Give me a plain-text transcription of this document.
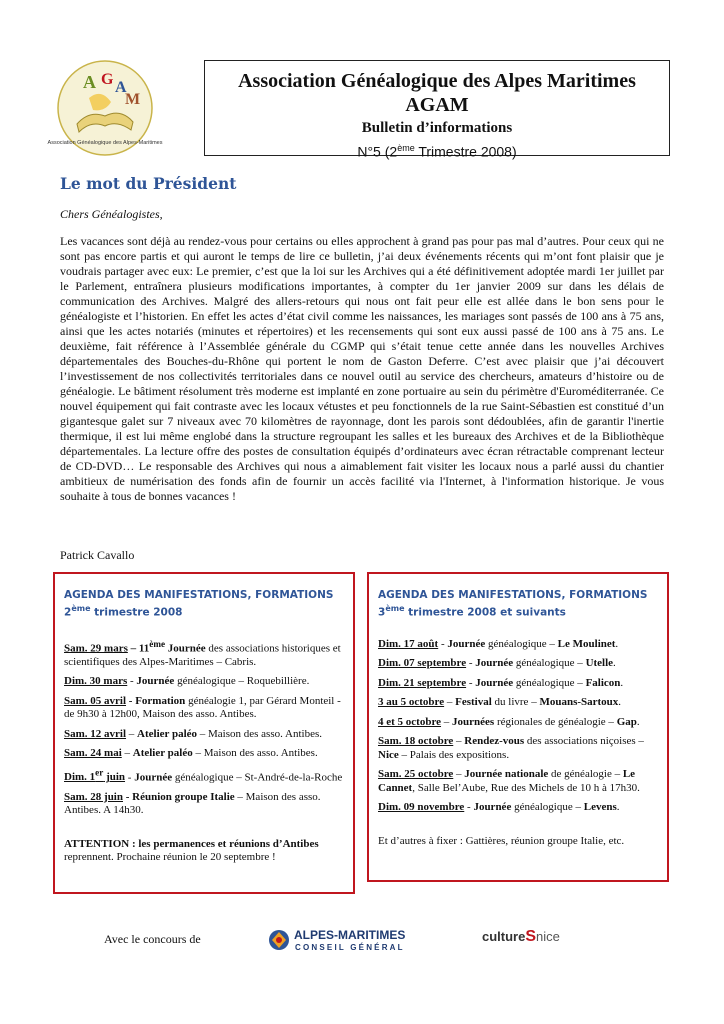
A G A
M
Association Généalogique des Alpes-Maritimes
Association Généalogique des Alpes Maritimes
AGAM
Bulletin d’informations
N°5 (2ème Trimestre 2008)
Le mot du Président
Chers Généalogistes,

Les vacances sont déjà au rendez-vous pour certains ou elles approchent à grand pas pour pas mal d’autres. Pour ceux qui ne sont pas encore partis et qui auront le temps de lire ce bulletin, j’ai deux événements récents qui m’ont font plaisir que je voudrais partager avec eux: Le premier, c’est que la loi sur les Archives qui a été définitivement adoptée mardi 1er juillet par le Parlement, entraînera plusieurs modifications importantes, à compter du 1er janvier 2009 sur dans les délais de communication des Archives. Malgré des allers-retours qui nous ont fait peur elle est allée dans le bon sens pour le généalogiste et l’historien. En effet les actes d’état civil comme les naissances, les mariages sont passés de 100 ans à 75 ans, ainsi que les actes notariés (minutes et répertoires) et les recensements qui sont eux aussi passé de 100 ans à 75 ans. Le deuxième, fait référence à l’Assemblée générale du CGMP qui s’était tenue cette année dans les nouvelles Archives départementales des Bouches-du-Rhône qui portent le nom de Gaston Deferre. C’est avec plaisir que j’ai découvert l’investissement de nos collectivités territoriales dans ce nouvel outil au service des chercheurs, amateurs d’histoire ou de généalogie. Le bâtiment résolument très moderne est implanté en zone portuaire au sein du périmètre d'Euroméditerranée. Ce nouvel équipement qui fait contraste avec les locaux vétustes et peu fonctionnels de la rue Saint-Sébastien est constitué d’un gigantesque galet sur 7 niveaux avec 70 kilomètres de rayonnage, dont les parois sont dédoublées, afin de garantir l'inertie thermique, il est lui même englobé dans la structure regroupant les salles et les bureaux des Archives et de la Bibliothèque départementales. La lecture offre des postes de consultation équipés d’ordinateurs avec écran rétractable comprenant lecteur de CD-DVD… Le responsable des Archives qui nous a aimablement fait visiter les locaux nous a parlé aussi du chantier ambitieux de numérisation des fonds afin de fournir un accès facilité via l'Internet, à l'information historique. Je vous souhaite à tous de bonnes vacances !

Patrick Cavallo
AGENDA DES MANIFESTATIONS, FORMATIONS
2ème trimestre 2008
Sam. 29 mars – 11ème Journée des associations historiques et scientifiques des Alpes-Maritimes – Cabris.
Dim. 30 mars - Journée généalogique – Roquebillière.
Sam. 05 avril - Formation généalogie 1, par Gérard Monteil - de 9h30 à 12h00, Maison des asso. Antibes.
Sam. 12 avril – Atelier paléo – Maison des asso. Antibes.
Sam. 24 mai – Atelier paléo – Maison des asso. Antibes.
Dim. 1er juin - Journée généalogique – St-André-de-la-Roche
Sam. 28 juin - Réunion groupe Italie – Maison des asso. Antibes. A 14h30.
ATTENTION : les permanences et réunions d’Antibes reprennent. Prochaine réunion le 20 septembre !
AGENDA DES MANIFESTATIONS, FORMATIONS
3ème trimestre 2008 et suivants
Dim. 17 août - Journée généalogique – Le Moulinet.
Dim. 07 septembre - Journée généalogique – Utelle.
Dim. 21 septembre - Journée généalogique – Falicon.
3 au 5 octobre – Festival du livre – Mouans-Sartoux.
4 et 5 octobre – Journées régionales de généalogie – Gap.
Sam. 18 octobre – Rendez-vous des associations niçoises – Nice – Palais des expositions.
Sam. 25 octobre – Journée nationale de généalogie – Le Cannet, Salle Bel’Aube, Rue des Michels de 10 h à 17h30.
Dim. 09 novembre - Journée généalogique – Levens.
Et d’autres à fixer : Gattières, réunion groupe Italie, etc.
Avec le concours de	ALPES-MARITIMES
CONSEIL GÉNÉRAL
cultureSnice
